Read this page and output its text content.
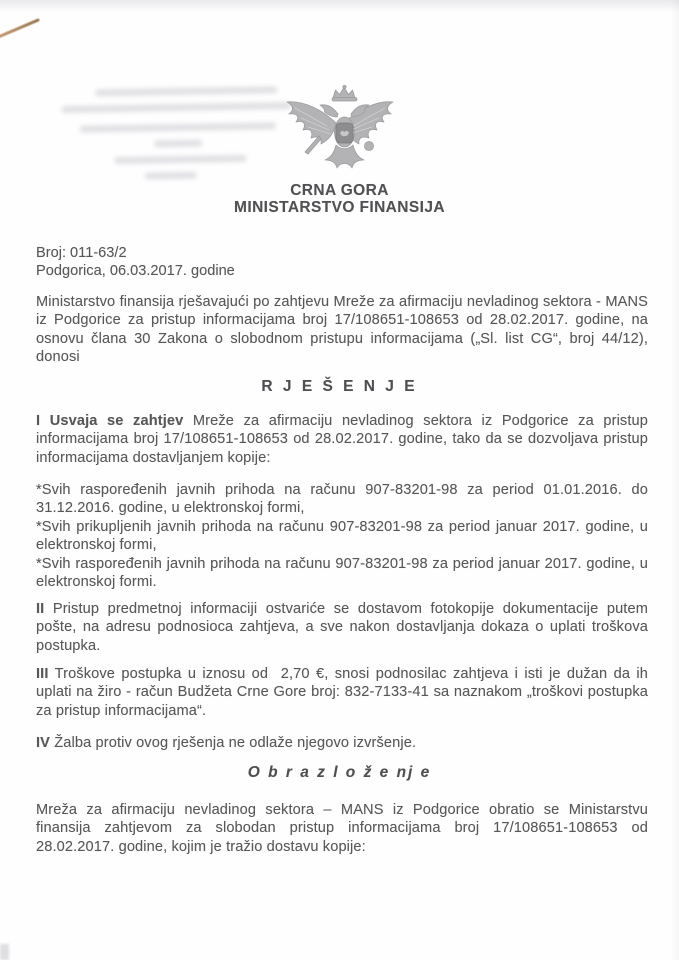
CRNA GORA
MINISTARSTVO FINANSIJA
Broj: 011-63/2
Podgorica, 06.03.2017. godine

Ministarstvo finansija rješavajući po zahtjevu Mreže za afirmaciju nevladinog sektora - MANS iz Podgorice za pristup informacijama broj 17/108651-108653 od 28.02.2017. godine, na osnovu člana 30 Zakona o slobodnom pristupu informacijama („Sl. list CG“, broj 44/12), donosi

R J E Š E N J E

I Usvaja se zahtjev Mreže za afirmaciju nevladinog sektora iz Podgorice za pristup informacijama broj 17/108651-108653 od 28.02.2017. godine, tako da se dozvoljava pristup informacijama dostavljanjem kopije:

*Svih raspoređenih javnih prihoda na računu 907-83201-98 za period 01.01.2016. do 31.12.2016. godine, u elektronskoj formi,
*Svih prikupljenih javnih prihoda na računu 907-83201-98 za period januar 2017. godine, u elektronskoj formi,
*Svih raspoređenih javnih prihoda na računu 907-83201-98 za period januar 2017. godine, u elektronskoj formi.

II Pristup predmetnoj informaciji ostvariće se dostavom fotokopije dokumentacije putem pošte, na adresu podnosioca zahtjeva, a sve nakon dostavljanja dokaza o uplati troškova postupka.

III Troškove postupka u iznosu od  2,70 €, snosi podnosilac zahtjeva i isti je dužan da ih uplati na žiro - račun Budžeta Crne Gore broj: 832-7133-41 sa naznakom „troškovi postupka za pristup informacijama“.

IV Žalba protiv ovog rješenja ne odlaže njegovo izvršenje.

O b r a z l o ž e nj e

Mreža za afirmaciju nevladinog sektora – MANS iz Podgorice obratio se Ministarstvu finansija zahtjevom za slobodan pristup informacijama broj 17/108651-108653 od 28.02.2017. godine, kojim je tražio dostavu kopije:
